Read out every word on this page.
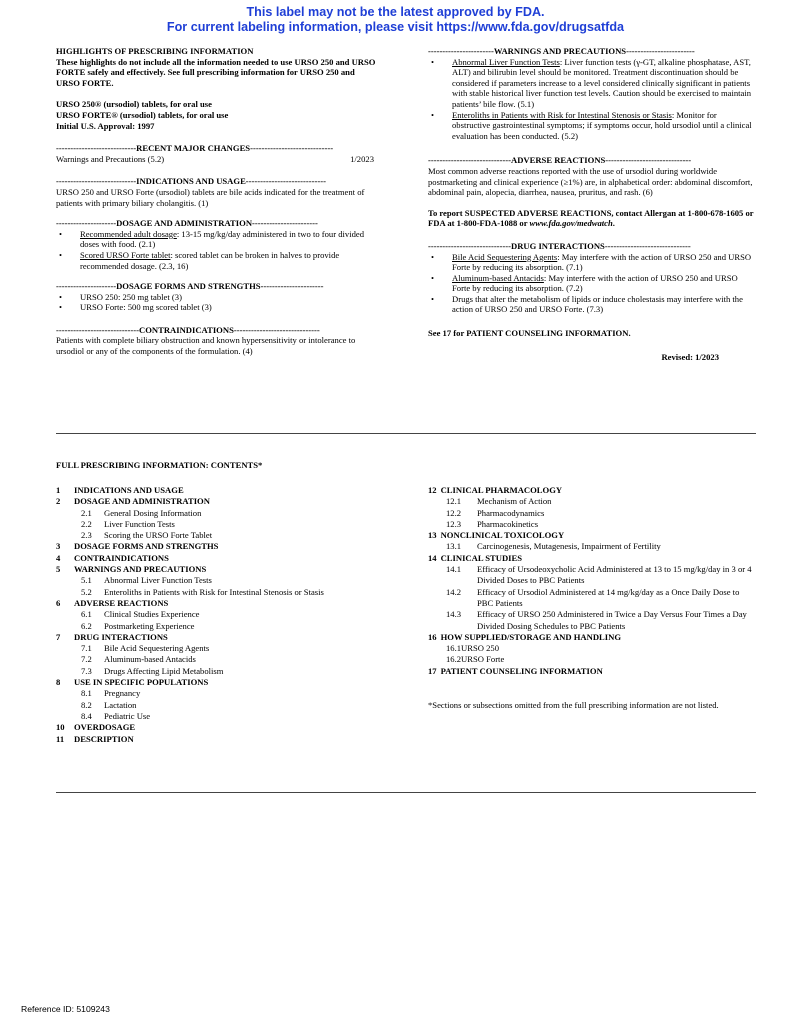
This label may not be the latest approved by FDA.
For current labeling information, please visit https://www.fda.gov/drugsatfda
HIGHLIGHTS OF PRESCRIBING INFORMATION

These highlights do not include all the information needed to use URSO 250 and URSO FORTE safely and effectively. See full prescribing information for URSO 250 and URSO FORTE.

URSO 250® (ursodiol) tablets, for oral use
URSO FORTE® (ursodiol) tablets, for oral use
Initial U.S. Approval: 1997
----------------------------RECENT MAJOR CHANGES-----------------------------
Warnings and Precautions (5.2)	1/2023
----------------------------INDICATIONS AND USAGE----------------------------

URSO 250 and URSO Forte (ursodiol) tablets are bile acids indicated for the treatment of patients with primary biliary cholangitis. (1)

---------------------DOSAGE AND ADMINISTRATION-----------------------
• Recommended adult dosage: 13-15 mg/kg/day administered in two to four divided doses with food. (2.1)
• Scored URSO Forte tablet: scored tablet can be broken in halves to provide recommended dosage. (2.3, 16)
---------------------DOSAGE FORMS AND STRENGTHS----------------------
• URSO 250: 250 mg tablet (3)
• URSO Forte: 500 mg scored tablet (3)
-----------------------------CONTRAINDICATIONS------------------------------

Patients with complete biliary obstruction and known hypersensitivity or intolerance to ursodiol or any of the components of the formulation. (4)

-----------------------WARNINGS AND PRECAUTIONS------------------------
• Abnormal Liver Function Tests: Liver function tests (γ-GT, alkaline phosphatase, AST, ALT) and bilirubin level should be monitored. Treatment discontinuation should be considered if parameters increase to a level considered clinically significant in patients with stable historical liver function test levels. Caution should be exercised to maintain patients’ bile flow. (5.1)
• Enteroliths in Patients with Risk for Intestinal Stenosis or Stasis: Monitor for obstructive gastrointestinal symptoms; if symptoms occur, hold ursodiol until a clinical evaluation has been conducted. (5.2)
-----------------------------ADVERSE REACTIONS------------------------------

Most common adverse reactions reported with the use of ursodiol during worldwide postmarketing and clinical experience (≥1%) are, in alphabetical order: abdominal discomfort, abdominal pain, alopecia, diarrhea, nausea, pruritus, and rash. (6)

To report SUSPECTED ADVERSE REACTIONS, contact Allergan at 1-800-678-1605 or FDA at 1-800-FDA-1088 or www.fda.gov/medwatch.

-----------------------------DRUG INTERACTIONS------------------------------
• Bile Acid Sequestering Agents: May interfere with the action of URSO 250 and URSO Forte by reducing its absorption. (7.1)
• Aluminum-based Antacids: May interfere with the action of URSO 250 and URSO Forte by reducing its absorption. (7.2)
• Drugs that alter the metabolism of lipids or induce cholestasis may interfere with the action of URSO 250 and URSO Forte. (7.3)

See 17 for PATIENT COUNSELING INFORMATION.

Revised: 1/2023
FULL PRESCRIBING INFORMATION: CONTENTS*
1	INDICATIONS AND USAGE
2	DOSAGE AND ADMINISTRATION
2.1	General Dosing Information
2.2	Liver Function Tests
2.3	Scoring the URSO Forte Tablet
3	DOSAGE FORMS AND STRENGTHS
4	CONTRAINDICATIONS
5	WARNINGS AND PRECAUTIONS
5.1	Abnormal Liver Function Tests
5.2	Enteroliths in Patients with Risk for Intestinal Stenosis or Stasis
6	ADVERSE REACTIONS
6.1	Clinical Studies Experience
6.2	Postmarketing Experience
7	DRUG INTERACTIONS
7.1	Bile Acid Sequestering Agents
7.2	Aluminum-based Antacids
7.3	Drugs Affecting Lipid Metabolism
8	USE IN SPECIFIC POPULATIONS
8.1	Pregnancy
8.2	Lactation
8.4	Pediatric Use
10	OVERDOSAGE
11	DESCRIPTION
12 CLINICAL PHARMACOLOGY
12.1	Mechanism of Action
12.2	Pharmacodynamics
12.3	Pharmacokinetics
13 NONCLINICAL TOXICOLOGY
13.1	Carcinogenesis, Mutagenesis, Impairment of Fertility
14 CLINICAL STUDIES
14.1	Efficacy of Ursodeoxycholic Acid Administered at 13 to 15 mg/kg/day in 3 or 4 Divided Doses to PBC Patients
14.2	Efficacy of Ursodiol Administered at 14 mg/kg/day as a Once Daily Dose to PBC Patients
14.3	Efficacy of URSO 250 Administered in Twice a Day Versus Four Times a Day Divided Dosing Schedules to PBC Patients
16 HOW SUPPLIED/STORAGE AND HANDLING
16.1 URSO 250
16.2 URSO Forte
17 PATIENT COUNSELING INFORMATION

*Sections or subsections omitted from the full prescribing information are not listed.

Reference ID: 5109243
